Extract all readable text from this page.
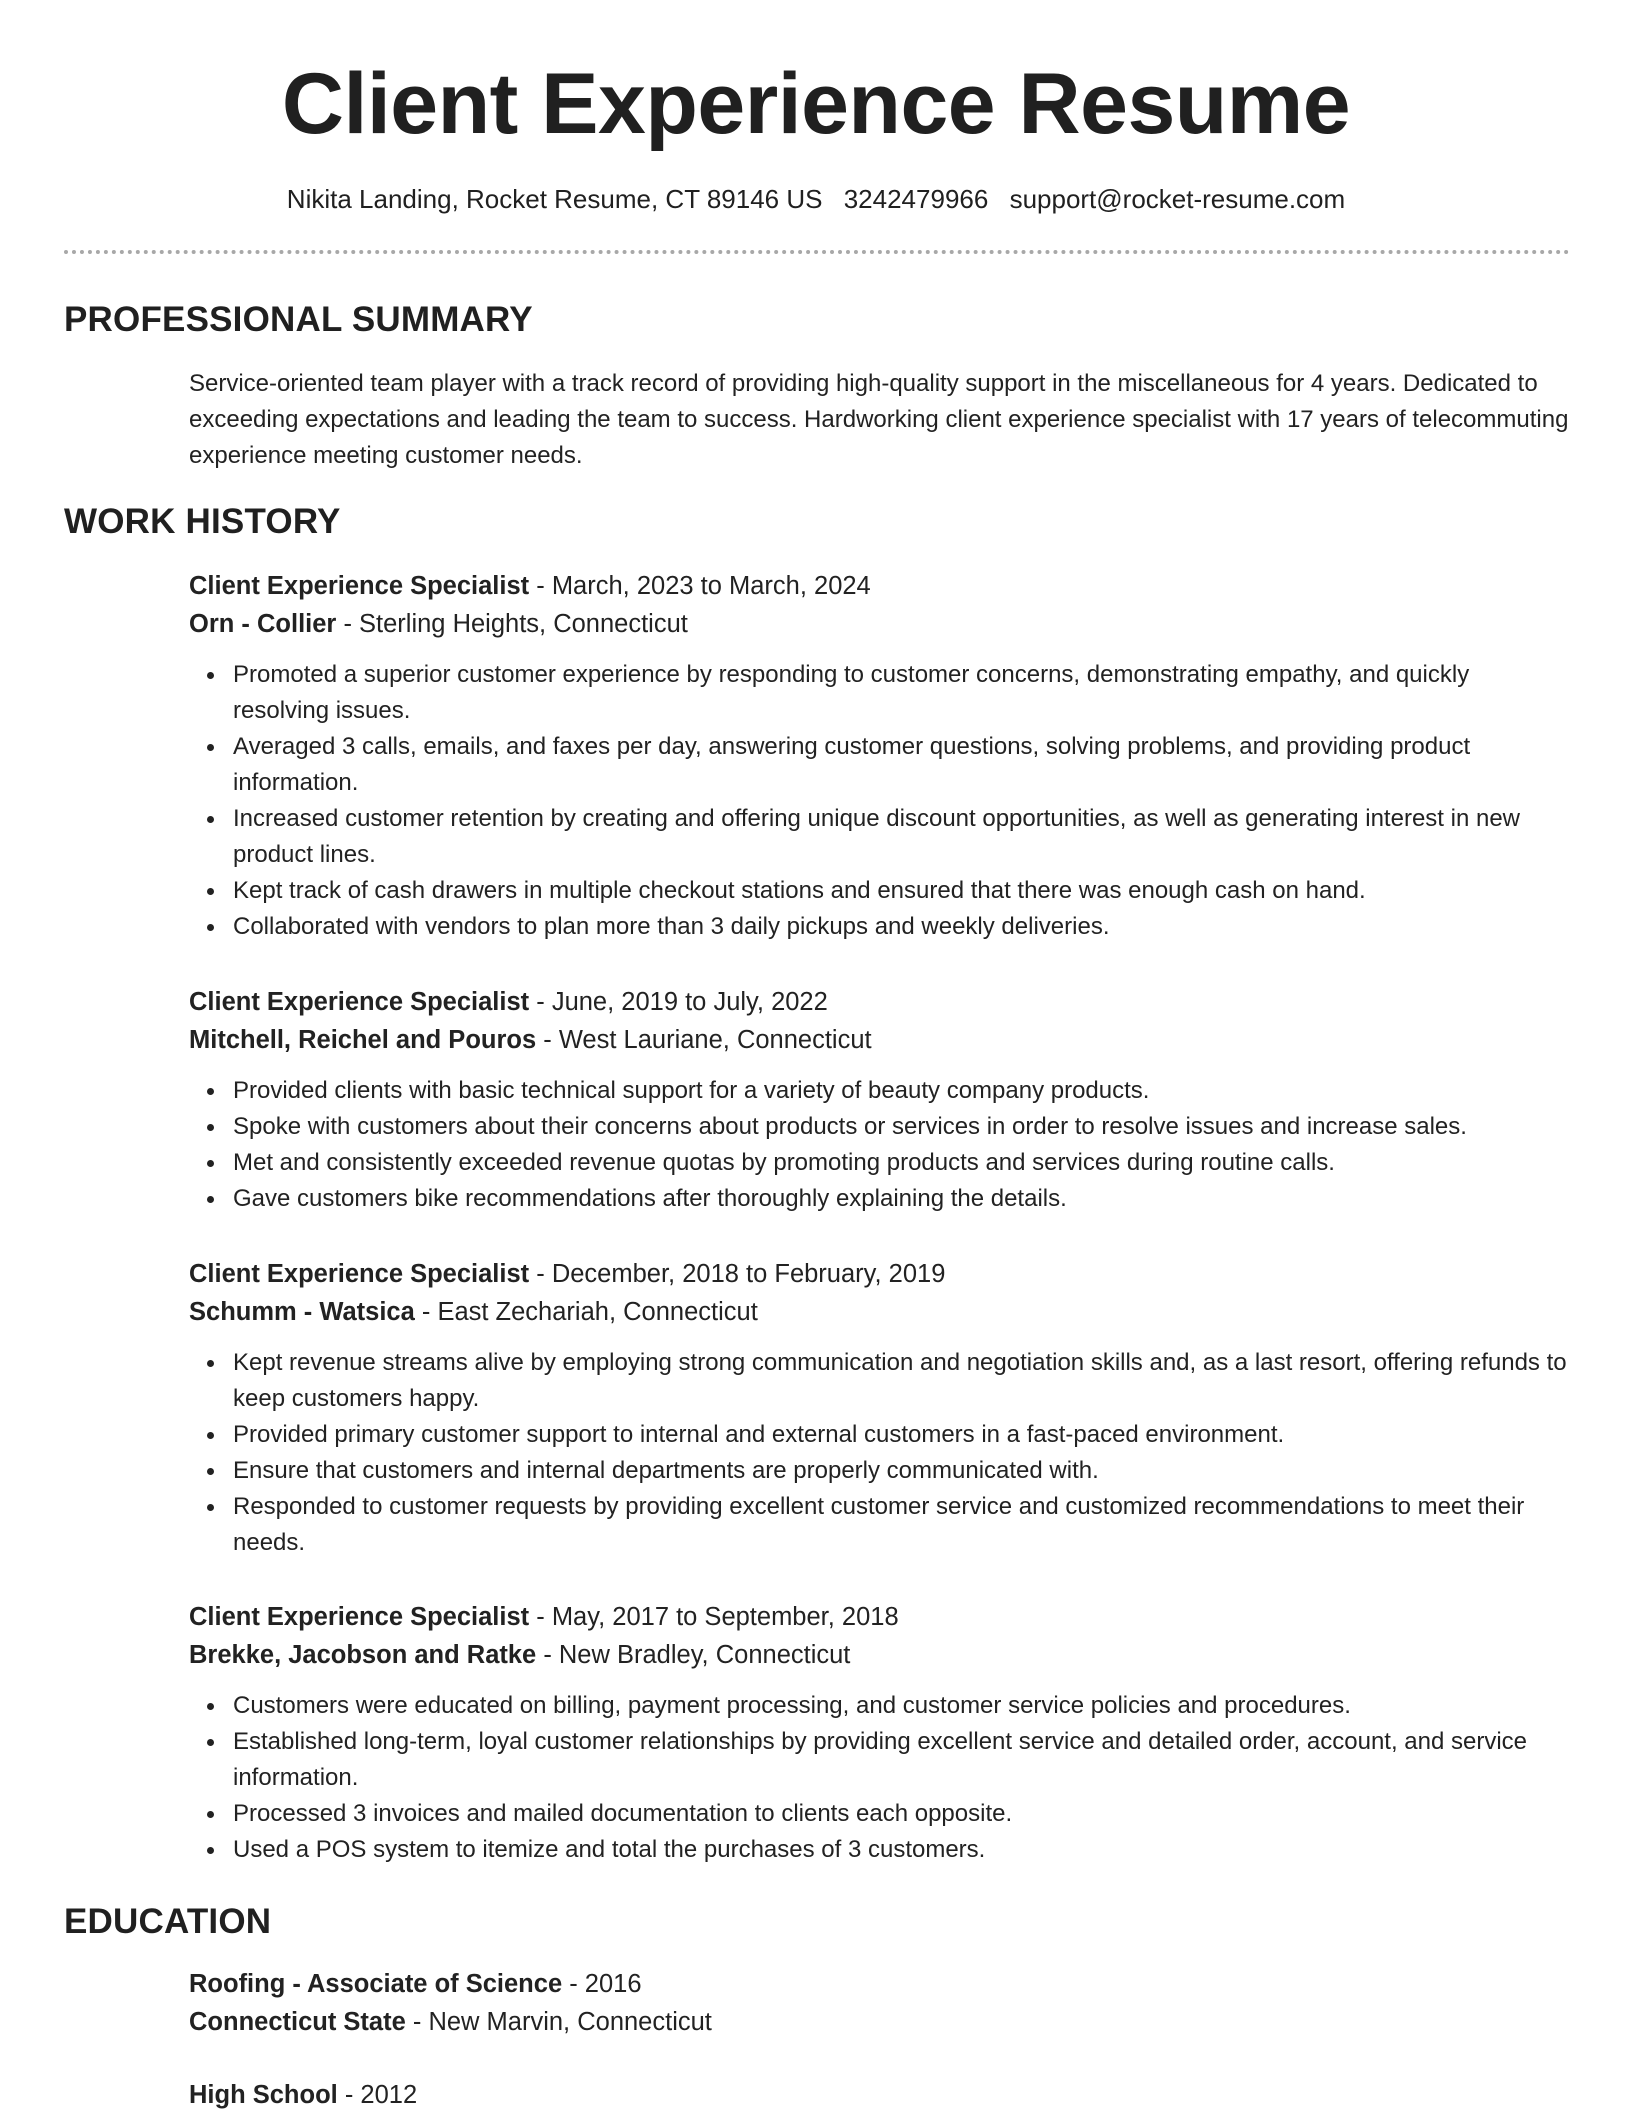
Client Experience Resume
Nikita Landing, Rocket Resume, CT 89146 US 3242479966 support@rocket-resume.com
PROFESSIONAL SUMMARY
Service-oriented team player with a track record of providing high-quality support in the miscellaneous for 4 years. Dedicated to exceeding expectations and leading the team to success. Hardworking client experience specialist with 17 years of telecommuting experience meeting customer needs.
WORK HISTORY
Client Experience Specialist - March, 2023 to March, 2024
Orn - Collier - Sterling Heights, Connecticut
Promoted a superior customer experience by responding to customer concerns, demonstrating empathy, and quickly resolving issues.
Averaged 3 calls, emails, and faxes per day, answering customer questions, solving problems, and providing product information.
Increased customer retention by creating and offering unique discount opportunities, as well as generating interest in new product lines.
Kept track of cash drawers in multiple checkout stations and ensured that there was enough cash on hand.
Collaborated with vendors to plan more than 3 daily pickups and weekly deliveries.
Client Experience Specialist - June, 2019 to July, 2022
Mitchell, Reichel and Pouros - West Lauriane, Connecticut
Provided clients with basic technical support for a variety of beauty company products.
Spoke with customers about their concerns about products or services in order to resolve issues and increase sales.
Met and consistently exceeded revenue quotas by promoting products and services during routine calls.
Gave customers bike recommendations after thoroughly explaining the details.
Client Experience Specialist - December, 2018 to February, 2019
Schumm - Watsica - East Zechariah, Connecticut
Kept revenue streams alive by employing strong communication and negotiation skills and, as a last resort, offering refunds to keep customers happy.
Provided primary customer support to internal and external customers in a fast-paced environment.
Ensure that customers and internal departments are properly communicated with.
Responded to customer requests by providing excellent customer service and customized recommendations to meet their needs.
Client Experience Specialist - May, 2017 to September, 2018
Brekke, Jacobson and Ratke - New Bradley, Connecticut
Customers were educated on billing, payment processing, and customer service policies and procedures.
Established long-term, loyal customer relationships by providing excellent service and detailed order, account, and service information.
Processed 3 invoices and mailed documentation to clients each opposite.
Used a POS system to itemize and total the purchases of 3 customers.
EDUCATION
Roofing - Associate of Science - 2016
Connecticut State - New Marvin, Connecticut
High School - 2012
